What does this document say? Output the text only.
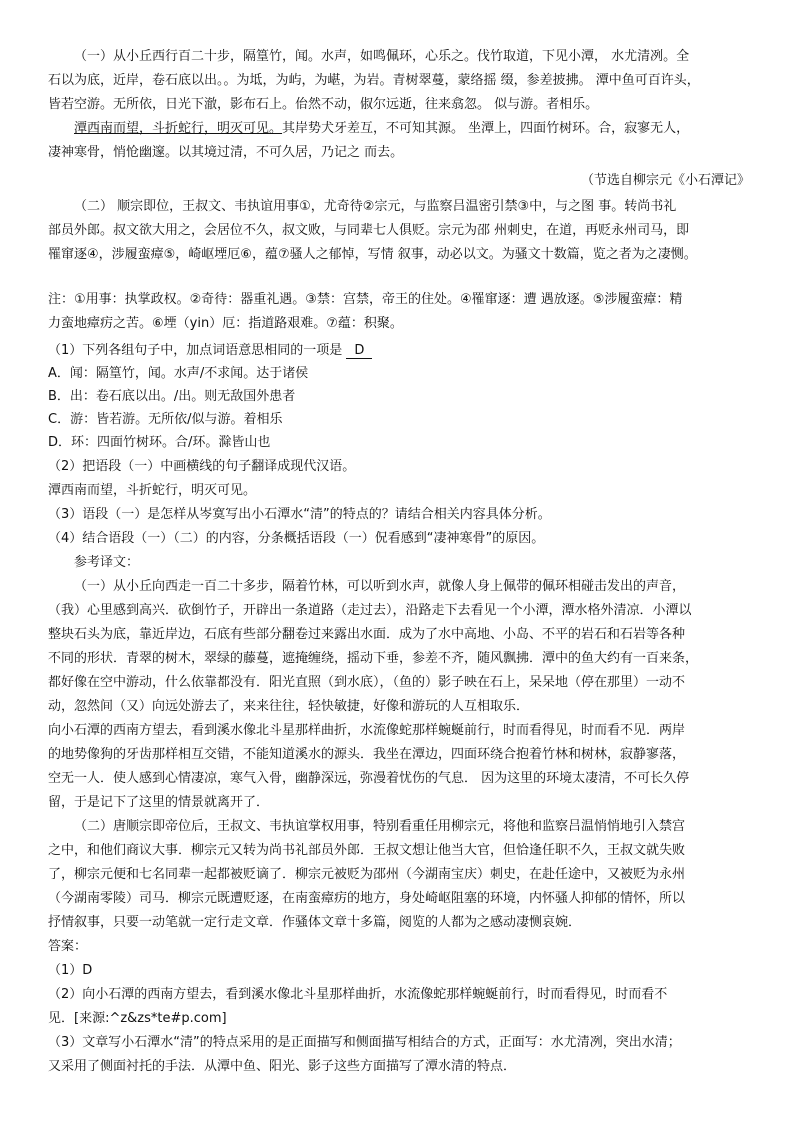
（一）从小丘西行百二十步，隔篁竹，闻。水声，如鸣佩环，心乐之。伐竹取道，下见小潭， 水尤清冽。全
石以为底，近岸，卷石底以出。。为坻，为屿，为嵁，为岩。青树翠蔓，蒙络摇 缀，参差披拂。 潭中鱼可百许头，
皆若空游。无所依，日光下澈，影布石上。佁然不动，俶尔远逝，往来翕忽。 似与游。者相乐。
潭西南而望，斗折蛇行，明灭可见。其岸势犬牙差互，不可知其源。 坐潭上，四面竹树环。合，寂寥无人，
凄神寒骨，悄怆幽邃。以其境过清，不可久居，乃记之 而去。
（节选自柳宗元《小石潭记》
（二） 顺宗即位，王叔文、韦执谊用事①，尤奇待②宗元，与监察吕温密引禁③中，与之图 事。转尚书礼
部员外郎。叔文欲大用之，会居位不久，叔文败，与同辈七人俱贬。宗元为邵 州刺史，在道，再贬永州司马，即
罹窜逐④，涉履蛮瘴⑤，崎岖堙厄⑥，蕴⑦骚人之郁悼，写情 叙事，动必以文。为骚文十数篇，览之者为之凄恻。
注：①用事：执掌政权。②奇待：器重礼遇。③禁：宫禁，帝王的住处。④罹窜逐：遭 遇放逐。⑤涉履蛮瘴：精
力蛮地瘴疠之苦。⑥堙（yin）厄：指道路艰难。⑦蕴：积聚。
（1）下列各组句子中，加点词语意思相同的一项是 D
A．闻：隔篁竹，闻。水声/不求闻。达于诸侯
B．出：卷石底以出。/出。则无敌国外患者
C．游：皆若游。无所依/似与游。着相乐
D．环：四面竹树环。合/环。滁皆山也
（2）把语段（一）中画横线的句子翻译成现代汉语。
潭西南而望，斗折蛇行，明灭可见。
（3）语段（一）是怎样从岑寞写出小石潭水“清”的特点的？请结合相关内容具体分析。
（4）结合语段（一）（二）的内容，分条概括语段（一）㑆看感到“凄神寒骨”的原因。
参考译文：
（一）从小丘向西走一百二十多步，隔着竹林，可以听到水声，就像人身上佩带的佩环相碰击发出的声音，
（我）心里感到高兴．砍倒竹子，开辟出一条道路（走过去），沿路走下去看见一个小潭，潭水格外清凉．小潭以
整块石头为底，靠近岸边，石底有些部分翻卷过来露出水面．成为了水中高地、小岛、不平的岩石和石岩等各种
不同的形状．青翠的树木，翠绿的藤蔓，遮掩缠绕，摇动下垂，参差不齐，随风飘拂．潭中的鱼大约有一百来条，
都好像在空中游动，什么依靠都没有．阳光直照（到水底），（鱼的）影子映在石上，呆呆地（停在那里）一动不
动，忽然间（又）向远处游去了，来来往往，轻快敏捷，好像和游玩的人互相取乐．
向小石潭的西南方望去，看到溪水像北斗星那样曲折，水流像蛇那样蜿蜒前行，时而看得见，时而看不见．两岸
的地势像狗的牙齿那样相互交错，不能知道溪水的源头．我坐在潭边，四面环绕合抱着竹林和树林，寂静寥落，
空无一人．使人感到心情凄凉，寒气入骨，幽静深远，弥漫着忧伤的气息． 因为这里的环境太凄清，不可长久停
留，于是记下了这里的情景就离开了．
（二）唐顺宗即帝位后，王叔文、韦执谊掌权用事，特别看重任用柳宗元，将他和监察吕温悄悄地引入禁宫
之中，和他们商议大事．柳宗元又转为尚书礼部员外郎．王叔文想让他当大官，但恰逢任职不久，王叔文就失败
了，柳宗元便和七名同辈一起都被贬谪了．柳宗元被贬为邵州（今湖南宝庆）刺史，在赴任途中，又被贬为永州
（今湖南零陵）司马．柳宗元既遭贬逐，在南蛮瘴疠的地方，身处崎岖阻塞的环境，内怀骚人抑郁的情怀，所以
抒情叙事，只要一动笔就一定行走文章．作骚体文章十多篇，阅览的人都为之感动凄恻哀婉．
答案：
（1）D
（2）向小石潭的西南方望去，看到溪水像北斗星那样曲折，水流像蛇那样蜿蜒前行，时而看得见，时而看不
见．[来源:^z&zs*te#p.com]
（3）文章写小石潭水“清”的特点采用的是正面描写和侧面描写相结合的方式，正面写：水尤清冽，突出水清；
又采用了侧面衬托的手法．从潭中鱼、阳光、影子这些方面描写了潭水清的特点．
